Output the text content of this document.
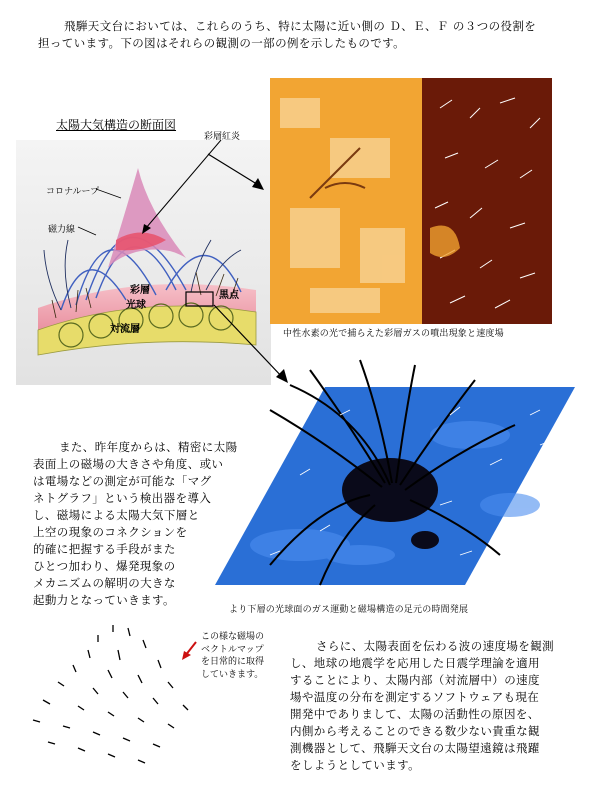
飛騨天文台においては、これらのうち、特に太陽に近い側の Ｄ、Ｅ、Ｆ の３つの役割を
担っています。下の図はそれらの観測の一部の例を示したものです。
太陽大気構造の断面図
彩層紅炎
コロナループ
磁力線
彩層
光球
対流層
黒点
中性水素の光で捕らえた彩層ガスの噴出現象と速度場
また、昨年度からは、精密に太陽
表面上の磁場の大きさや角度、或い
は電場などの測定が可能な「マグ
ネトグラフ」という検出器を導入
し、磁場による太陽大気下層と
上空の現象のコネクションを
的確に把握する手段がまた
ひとつ加わり、爆発現象の
メカニズムの解明の大きな
起動力となっていきます。
より下層の光球面のガス運動と磁場構造の足元の時間発展
この様な磁場の
ベクトルマップ
を日常的に取得
していきます。
さらに、太陽表面を伝わる波の速度場を観測
し、地球の地震学を応用した日震学理論を適用
することにより、太陽内部（対流層中）の速度
場や温度の分布を測定するソフトウェアも現在
開発中でありまして、太陽の活動性の原因を、
内側から考えることのできる数少ない貴重な観
測機器として、飛騨天文台の太陽望遠鏡は飛躍
をしようとしています。
